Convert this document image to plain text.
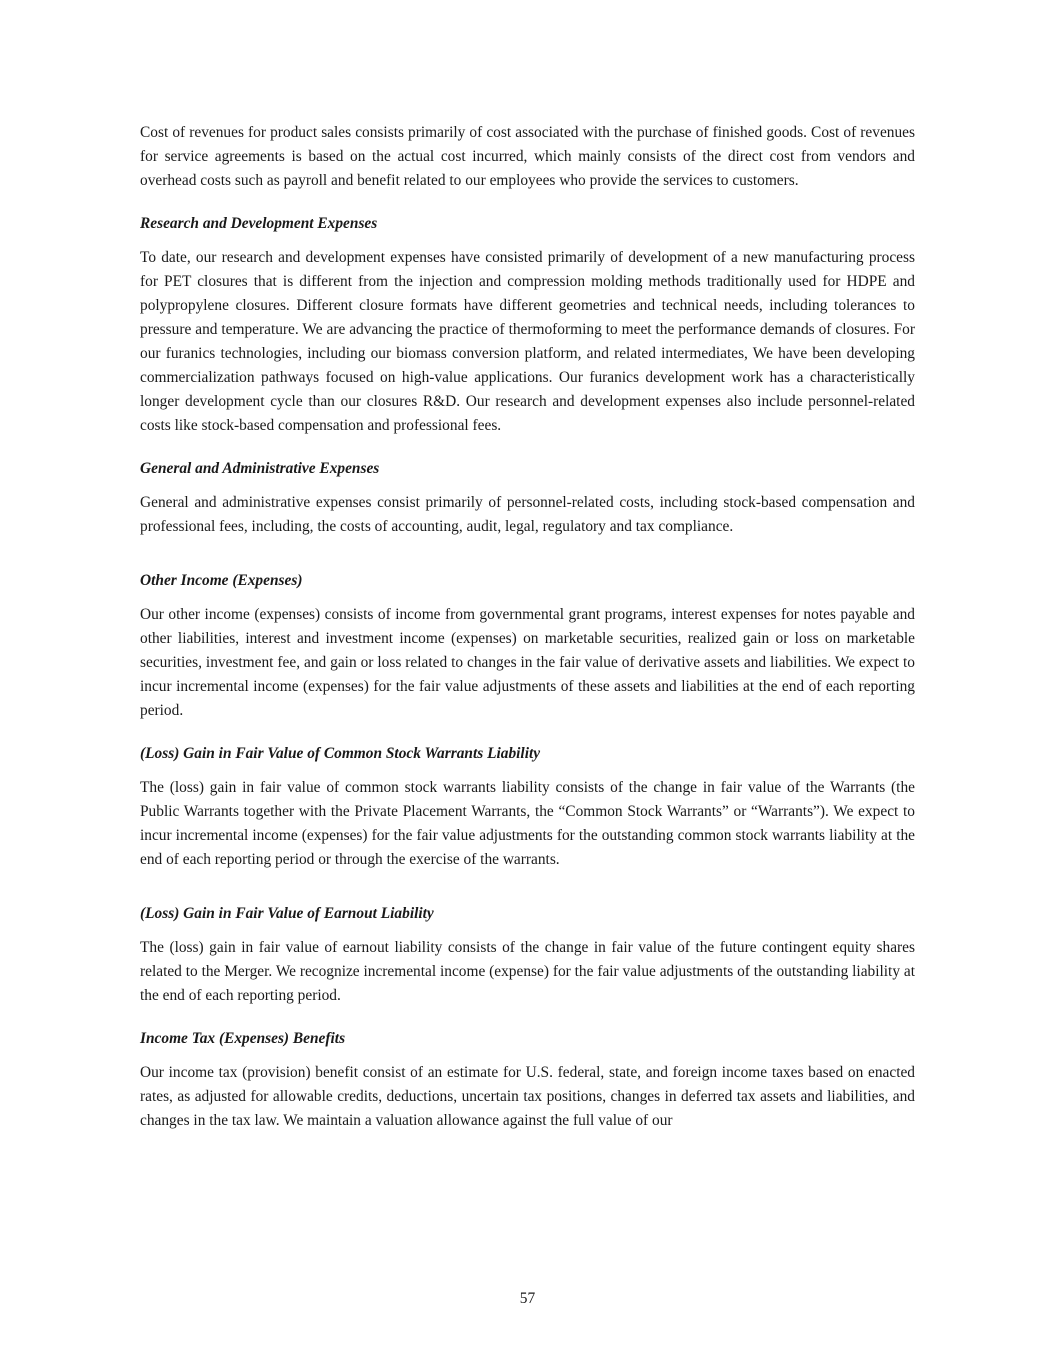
Cost of revenues for product sales consists primarily of cost associated with the purchase of finished goods. Cost of revenues for service agreements is based on the actual cost incurred, which mainly consists of the direct cost from vendors and overhead costs such as payroll and benefit related to our employees who provide the services to customers.

Research and Development Expenses

To date, our research and development expenses have consisted primarily of development of a new manufacturing process for PET closures that is different from the injection and compression molding methods traditionally used for HDPE and polypropylene closures. Different closure formats have different geometries and technical needs, including tolerances to pressure and temperature. We are advancing the practice of thermoforming to meet the performance demands of closures. For our furanics technologies, including our biomass conversion platform, and related intermediates, We have been developing commercialization pathways focused on high-value applications. Our furanics development work has a characteristically longer development cycle than our closures R&D. Our research and development expenses also include personnel-related costs like stock-based compensation and professional fees.

General and Administrative Expenses

General and administrative expenses consist primarily of personnel-related costs, including stock-based compensation and professional fees, including, the costs of accounting, audit, legal, regulatory and tax compliance.

Other Income (Expenses)

Our other income (expenses) consists of income from governmental grant programs, interest expenses for notes payable and other liabilities, interest and investment income (expenses) on marketable securities, realized gain or loss on marketable securities, investment fee, and gain or loss related to changes in the fair value of derivative assets and liabilities. We expect to incur incremental income (expenses) for the fair value adjustments of these assets and liabilities at the end of each reporting period.

(Loss) Gain in Fair Value of Common Stock Warrants Liability

The (loss) gain in fair value of common stock warrants liability consists of the change in fair value of the Warrants (the Public Warrants together with the Private Placement Warrants, the “Common Stock Warrants” or “Warrants”). We expect to incur incremental income (expenses) for the fair value adjustments for the outstanding common stock warrants liability at the end of each reporting period or through the exercise of the warrants.

(Loss) Gain in Fair Value of Earnout Liability

The (loss) gain in fair value of earnout liability consists of the change in fair value of the future contingent equity shares related to the Merger. We recognize incremental income (expense) for the fair value adjustments of the outstanding liability at the end of each reporting period.

Income Tax (Expenses) Benefits

Our income tax (provision) benefit consist of an estimate for U.S. federal, state, and foreign income taxes based on enacted rates, as adjusted for allowable credits, deductions, uncertain tax positions, changes in deferred tax assets and liabilities, and changes in the tax law. We maintain a valuation allowance against the full value of our

57
